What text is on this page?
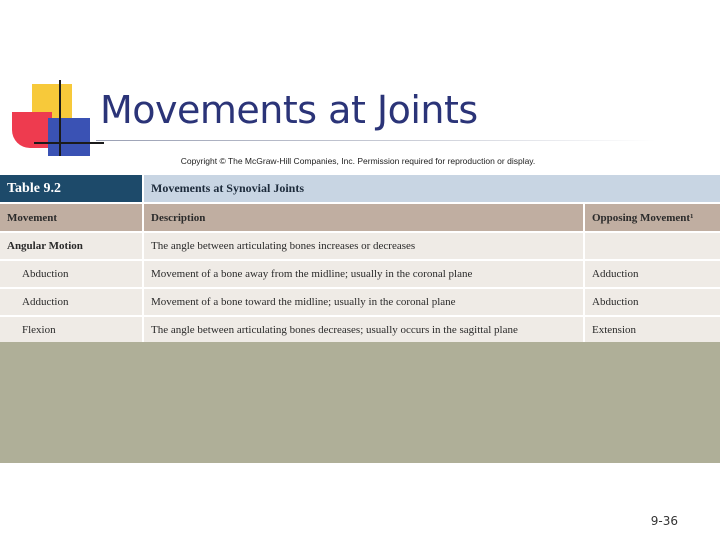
Movements at Joints
Copyright © The McGraw-Hill Companies, Inc. Permission required for reproduction or display.
Table 9.2	Movements at Synovial Joints	
Movement	Description	Opposing Movement¹
Angular Motion	The angle between articulating bones increases or decreases	
Abduction	Movement of a bone away from the midline; usually in the coronal plane	Adduction
Adduction	Movement of a bone toward the midline; usually in the coronal plane	Abduction
Flexion	The angle between articulating bones decreases; usually occurs in the sagittal plane	Extension
9-36
